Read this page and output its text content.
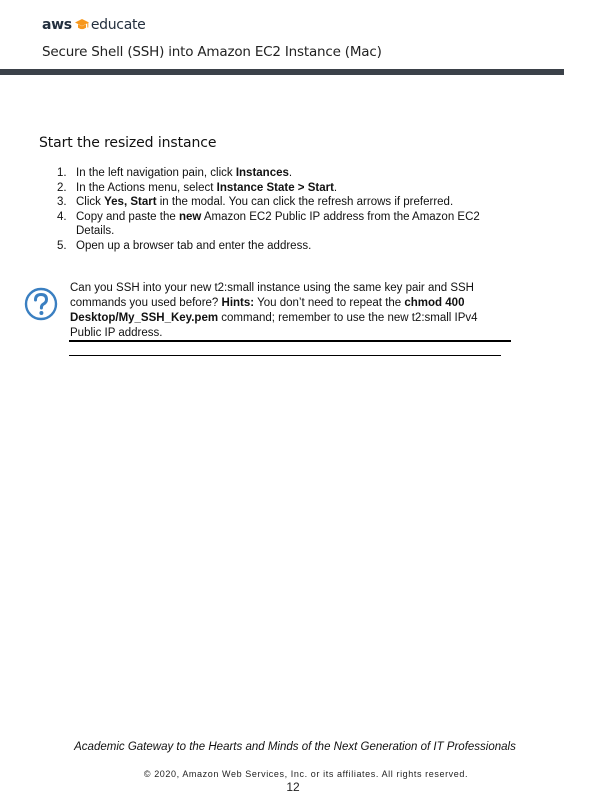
aws educate
Secure Shell (SSH) into Amazon EC2 Instance (Mac)
Start the resized instance
1. In the left navigation pain, click Instances.
2. In the Actions menu, select Instance State > Start.
3. Click Yes, Start in the modal. You can click the refresh arrows if preferred.
4. Copy and paste the new Amazon EC2 Public IP address from the Amazon EC2 Details.
5. Open up a browser tab and enter the address.
Can you SSH into your new t2:small instance using the same key pair and SSH commands you used before? Hints: You don’t need to repeat the chmod 400 Desktop/My_SSH_Key.pem command; remember to use the new t2:small IPv4 Public IP address.
Academic Gateway to the Hearts and Minds of the Next Generation of IT Professionals
© 2020, Amazon Web Services, Inc. or its affiliates. All rights reserved.
12
